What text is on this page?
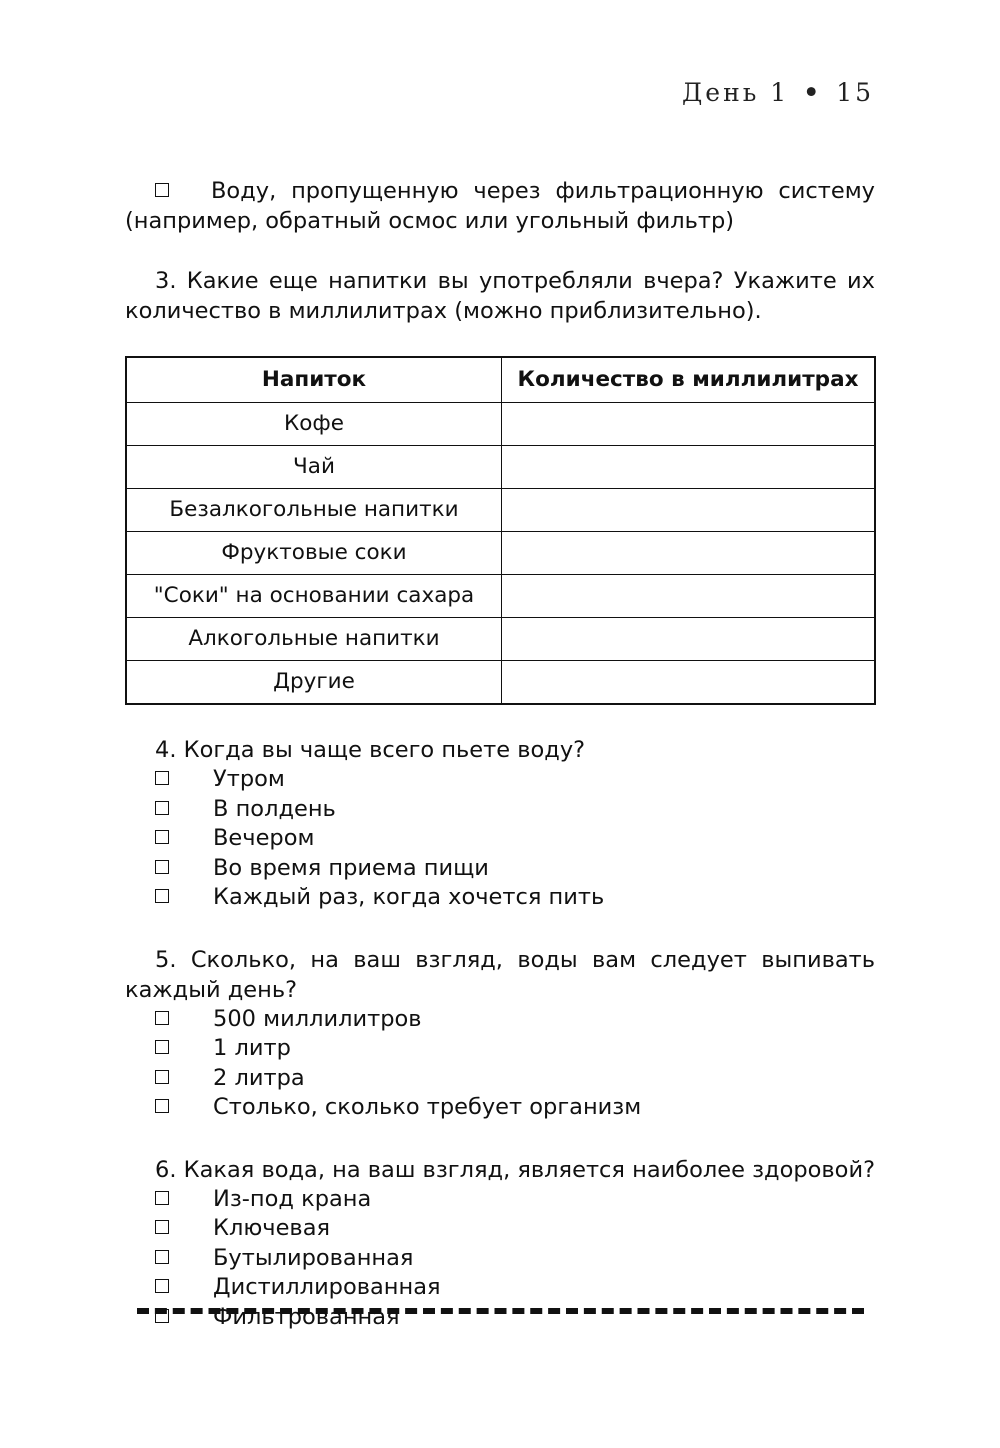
День 1 • 15

Воду, пропущенную через фильтрационную систему (например, обратный осмос или угольный фильтр)

3. Какие еще напитки вы употребляли вчера? Укажите их количество в миллилитрах (можно приблизительно).

Напиток	Количество в миллилитрах
Кофе	
Чай	
Безалкогольные напитки	
Фруктовые соки	
"Соки" на основании сахара	
Алкогольные напитки	
Другие	

4. Когда вы чаще всего пьете воду?

Утром
В полдень
Вечером
Во время приема пищи
Каждый раз, когда хочется пить

5. Сколько, на ваш взгляд, воды вам следует выпивать каждый день?

500 миллилитров
1 литр
2 литра
Столько, сколько требует организм

6. Какая вода, на ваш взгляд, является наиболее здоровой?

Из-под крана
Ключевая
Бутылированная
Дистиллированная
Фильтрованная
